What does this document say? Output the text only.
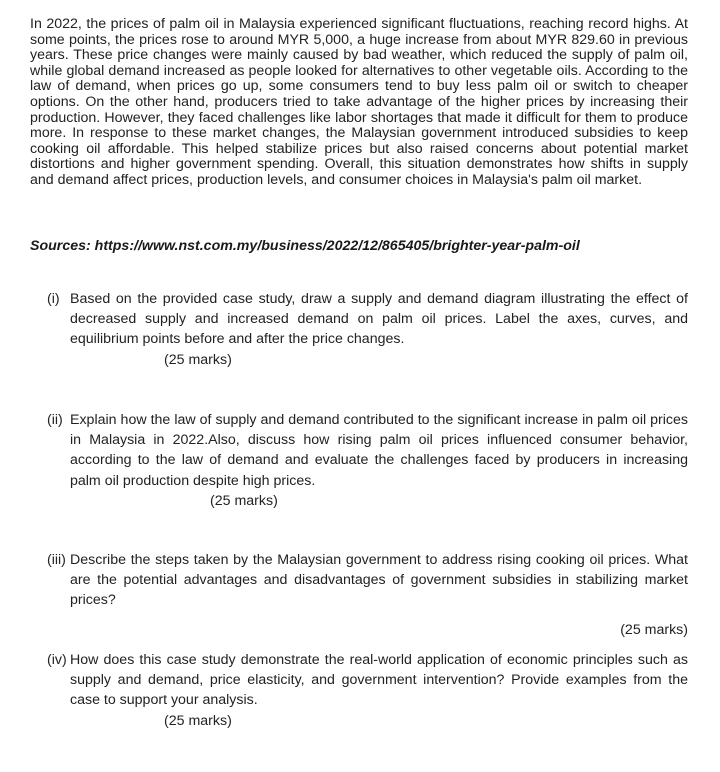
In 2022, the prices of palm oil in Malaysia experienced significant fluctuations, reaching record highs. At some points, the prices rose to around MYR 5,000, a huge increase from about MYR 829.60 in previous years. These price changes were mainly caused by bad weather, which reduced the supply of palm oil, while global demand increased as people looked for alternatives to other vegetable oils. According to the law of demand, when prices go up, some consumers tend to buy less palm oil or switch to cheaper options. On the other hand, producers tried to take advantage of the higher prices by increasing their production. However, they faced challenges like labor shortages that made it difficult for them to produce more. In response to these market changes, the Malaysian government introduced subsidies to keep cooking oil affordable. This helped stabilize prices but also raised concerns about potential market distortions and higher government spending. Overall, this situation demonstrates how shifts in supply and demand affect prices, production levels, and consumer choices in Malaysia's palm oil market.

Sources: https://www.nst.com.my/business/2022/12/865405/brighter-year-palm-oil

(i) Based on the provided case study, draw a supply and demand diagram illustrating the effect of decreased supply and increased demand on palm oil prices. Label the axes, curves, and equilibrium points before and after the price changes.
(25 marks)
(ii) Explain how the law of supply and demand contributed to the significant increase in palm oil prices in Malaysia in 2022.Also, discuss how rising palm oil prices influenced consumer behavior, according to the law of demand and evaluate the challenges faced by producers in increasing palm oil production despite high prices.
(25 marks)
(iii) Describe the steps taken by the Malaysian government to address rising cooking oil prices. What are the potential advantages and disadvantages of government subsidies in stabilizing market prices?
(25 marks)
(iv) How does this case study demonstrate the real-world application of economic principles such as supply and demand, price elasticity, and government intervention? Provide examples from the case to support your analysis.
(25 marks)
